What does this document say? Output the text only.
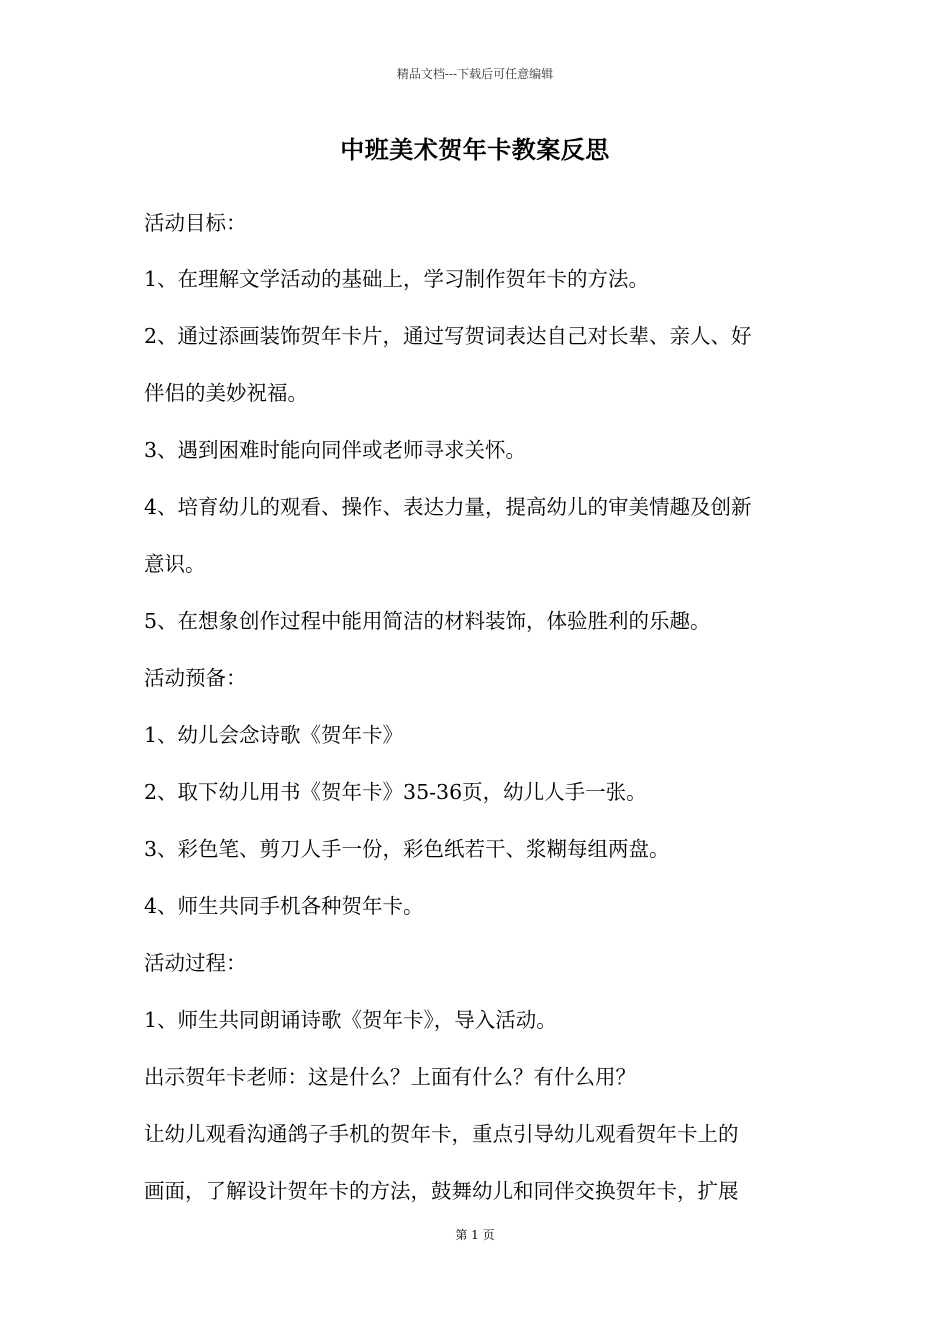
精品文档---下载后可任意编辑
中班美术贺年卡教案反思
活动目标：
1、在理解文学活动的基础上，学习制作贺年卡的方法。
2、通过添画装饰贺年卡片，通过写贺词表达自己对长辈、亲人、好
伴侣的美妙祝福。
3、遇到困难时能向同伴或老师寻求关怀。
4、培育幼儿的观看、操作、表达力量，提高幼儿的审美情趣及创新
意识。
5、在想象创作过程中能用简洁的材料装饰，体验胜利的乐趣。
活动预备：
1、幼儿会念诗歌《贺年卡》
2、取下幼儿用书《贺年卡》35-36页，幼儿人手一张。
3、彩色笔、剪刀人手一份，彩色纸若干、浆糊每组两盘。
4、师生共同手机各种贺年卡。
活动过程：
1、师生共同朗诵诗歌《贺年卡》，导入活动。
出示贺年卡老师：这是什么？上面有什么？有什么用？
让幼儿观看沟通鸽子手机的贺年卡，重点引导幼儿观看贺年卡上的
画面，了解设计贺年卡的方法，鼓舞幼儿和同伴交换贺年卡，扩展
第 1 页
